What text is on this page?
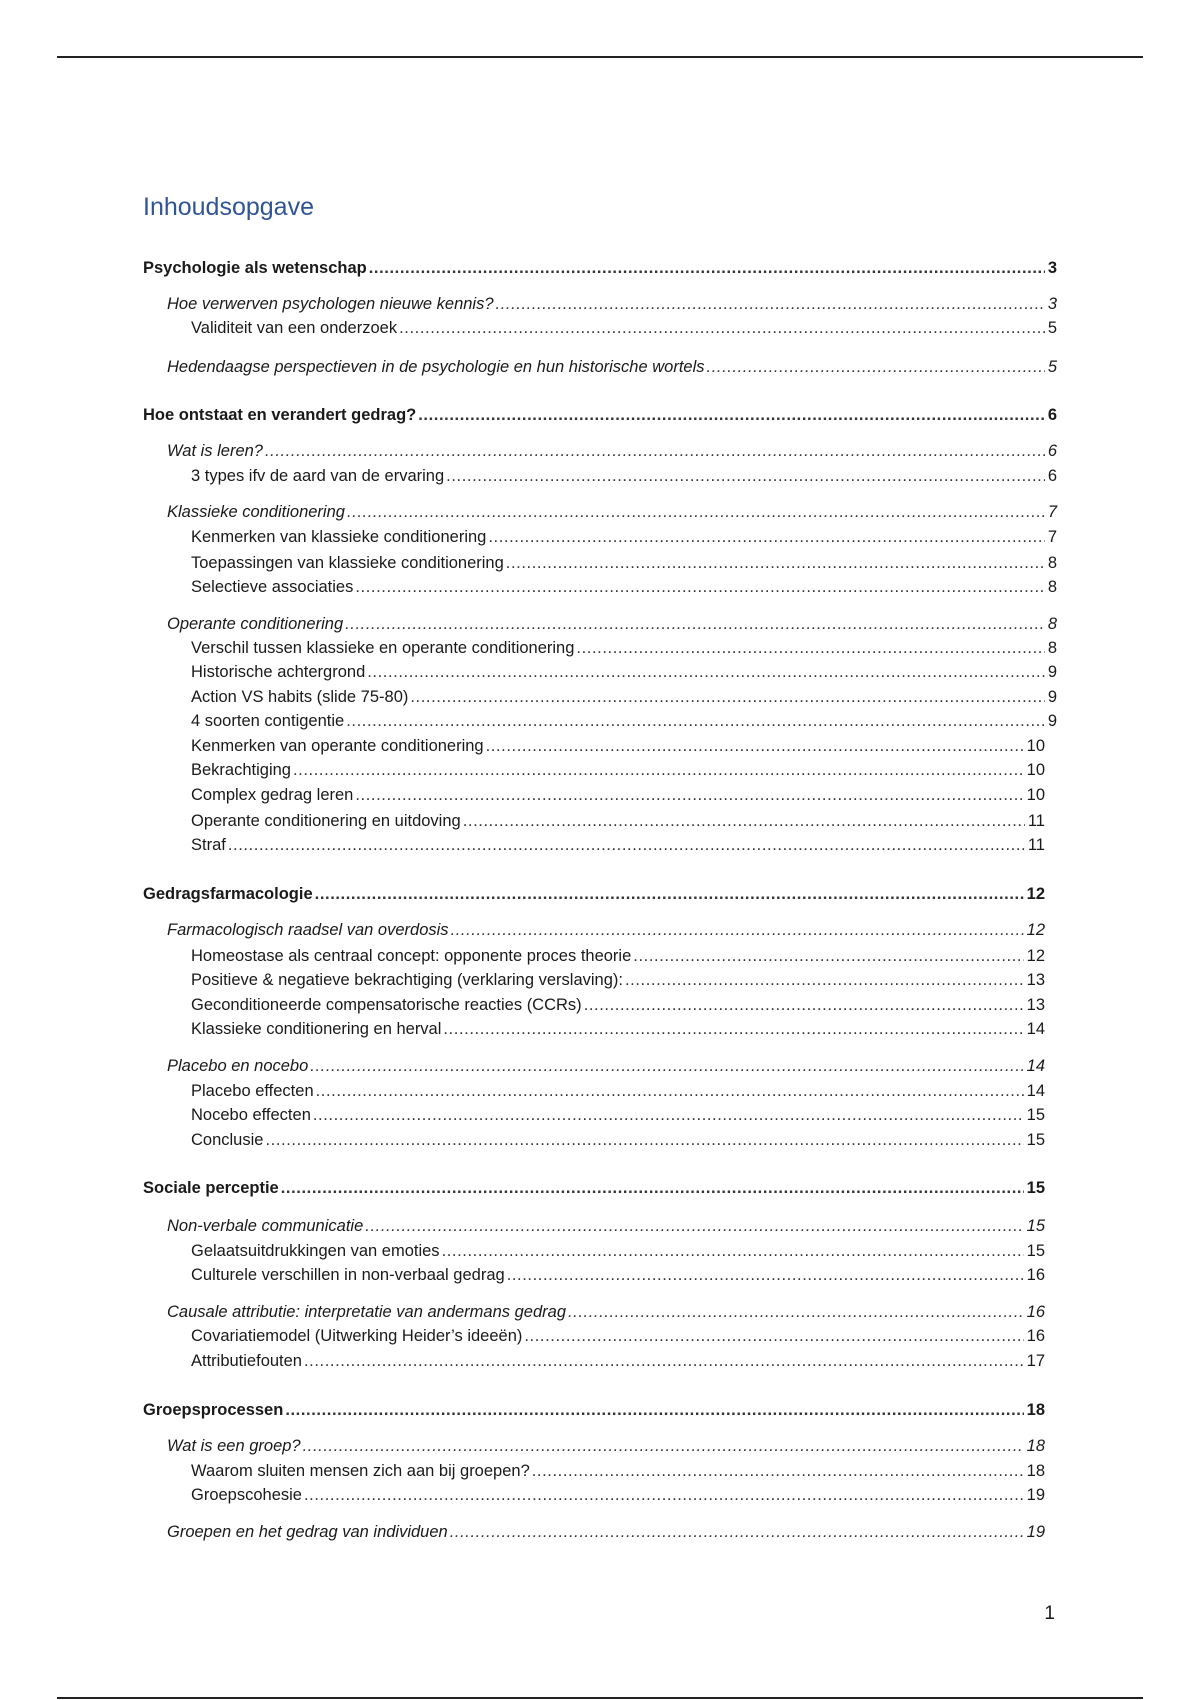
Inhoudsopgave
Psychologie als wetenschap .....	3
Hoe verwerven psychologen nieuwe kennis? .....	3
Validiteit van een onderzoek .....	5
Hedendaagse perspectieven in de psychologie en hun historische wortels .....	5
Hoe ontstaat en verandert gedrag? .....	6
Wat is leren? .....	6
3 types ifv de aard van de ervaring .....	6
Klassieke conditionering .....	7
Kenmerken van klassieke conditionering .....	7
Toepassingen van klassieke conditionering .....	8
Selectieve associaties .....	8
Operante conditionering .....	8
Verschil tussen klassieke en operante conditionering .....	8
Historische achtergrond .....	9
Action VS habits (slide 75-80) .....	9
4 soorten contigentie .....	9
Kenmerken van operante conditionering .....	10
Bekrachtiging .....	10
Complex gedrag leren .....	10
Operante conditionering en uitdoving .....	11
Straf .....	11
Gedragsfarmacologie .....	12
Farmacologisch raadsel van overdosis .....	12
Homeostase als centraal concept: opponente proces theorie .....	12
Positieve & negatieve bekrachtiging (verklaring verslaving): .....	13
Geconditioneerde compensatorische reacties (CCRs) .....	13
Klassieke conditionering en herval .....	14
Placebo en nocebo .....	14
Placebo effecten .....	14
Nocebo effecten .....	15
Conclusie .....	15
Sociale perceptie .....	15
Non-verbale communicatie .....	15
Gelaatsuitdrukkingen van emoties .....	15
Culturele verschillen in non-verbaal gedrag .....	16
Causale attributie: interpretatie van andermans gedrag .....	16
Covariatiemodel (Uitwerking Heider’s ideeën) .....	16
Attributiefouten .....	17
Groepsprocessen .....	18
Wat is een groep? .....	18
Waarom sluiten mensen zich aan bij groepen? .....	18
Groepscohesie .....	19
Groepen en het gedrag van individuen .....	19
1
